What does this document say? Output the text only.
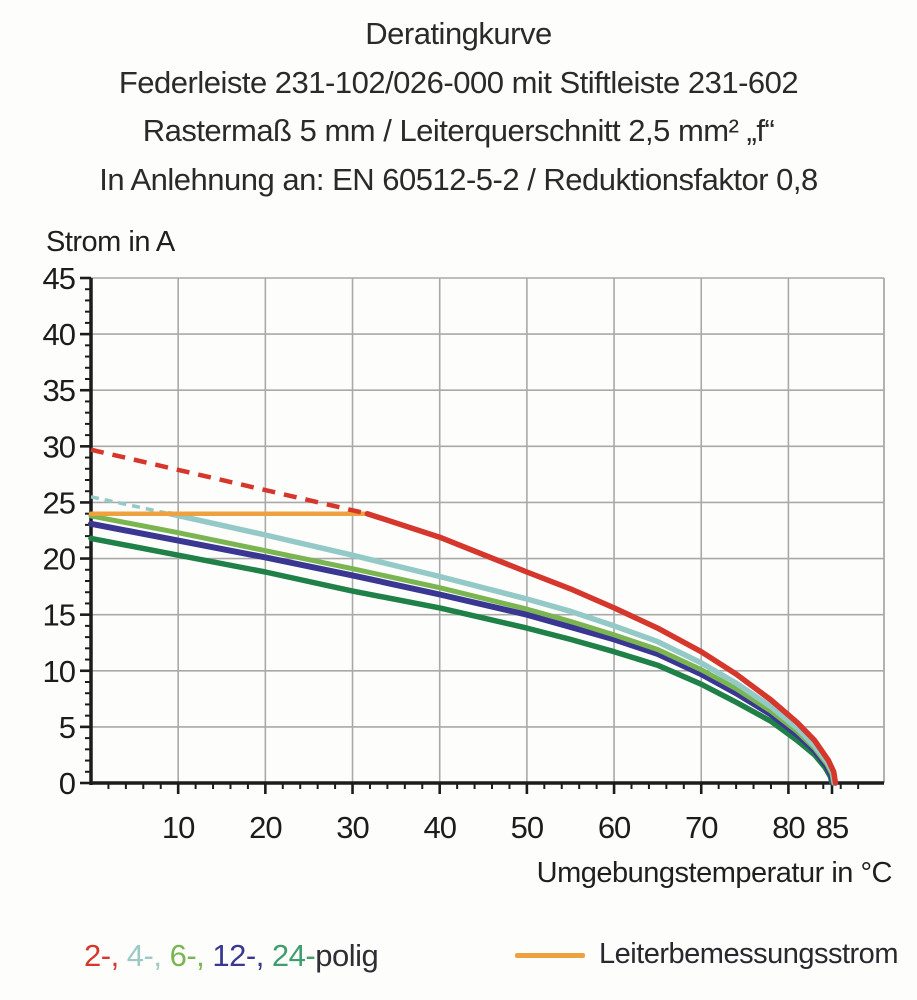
Deratingkurve
Federleiste 231-102/026-000 mit Stiftleiste 231-602
Rastermaß 5 mm / Leiterquerschnitt 2,5 mm² „f“
In Anlehnung an: EN 60512-5-2 / Reduktionsfaktor 0,8
Strom in A
10 20 30 40 50 60 70 80 85
0
5
10
15
20
25
30
35
40
45
Umgebungstemperatur in °C
2-, 4-, 6-, 12-, 24-polig	Leiterbemessungsstrom
